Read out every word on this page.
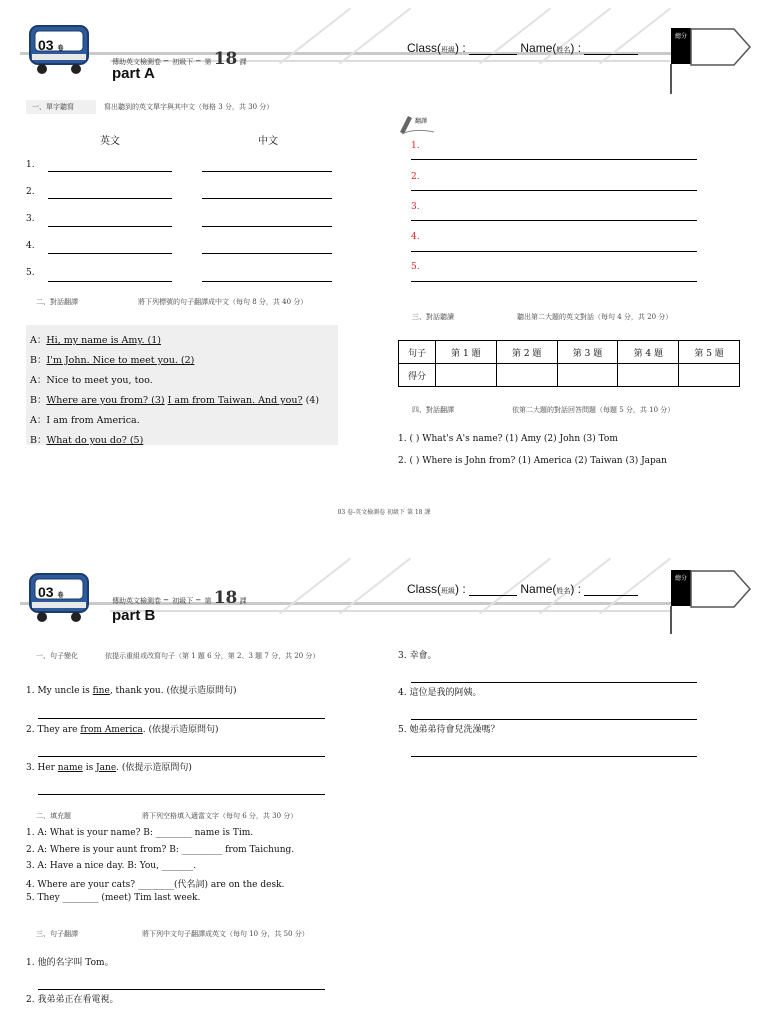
03 卷
傳助英文檢測卷 – 初級下 – 第 18 課
part A
Class(班級) :	Name(姓名) :
總分
一、單字聽寫	寫出聽到的英文單字與其中文（每格 3 分，共 30 分）
英文	中文
1.
2.
3.
4.
5.
二、對話翻譯	將下列標號的句子翻譯成中文（每句 8 分，共 40 分）
A：Hi, my name is Amy. (1)
B：I'm John. Nice to meet you. (2)
A：Nice to meet you, too.
B：Where are you from? (3) I am from Taiwan. And you? (4)
A：I am from America.
B：What do you do? (5)
翻譯
1.
2.
3.
4.
5.
三、對話聽讀	聽出第二大題的英文對話（每句 4 分，共 20 分）
句子	第 1 題	第 2 題	第 3 題	第 4 題	第 5 題
得分					
四、對話翻譯	依第二大題的對話回答問題（每題 5 分，共 10 分）
1. ( ) What's A's name? (1) Amy (2) John (3) Tom
2. ( ) Where is John from? (1) America (2) Taiwan (3) Japan
03 卷-英文檢測卷 初級下 第 18 課
03 卷
傳助英文檢測卷 – 初級下 – 第 18 課
part B
Class(班級) :	Name(姓名) :
總分
一、句子變化	依提示重組或改寫句子（第 1 題 6 分，第 2、3 題 7 分，共 20 分）
1. My uncle is fine, thank you. (依提示造原問句)
2. They are from America. (依提示造原問句)
3. Her name is Jane. (依提示造原問句)
二、填充題	將下列空格填入適當文字（每句 6 分，共 30 分）
1. A: What is your name? B: ________ name is Tim.
2. A: Where is your aunt from? B: _________ from Taichung.
3. A: Have a nice day. B: You, _______.
4. Where are your cats? ________(代名詞) are on the desk.
5. They ________ (meet) Tim last week.
三、句子翻譯	將下列中文句子翻譯成英文（每句 10 分，共 50 分）
1. 他的名字叫 Tom。
2. 我弟弟正在看電視。
3. 幸會。
4. 這位是我的阿姨。
5. 她弟弟待會兒洗澡嗎？
